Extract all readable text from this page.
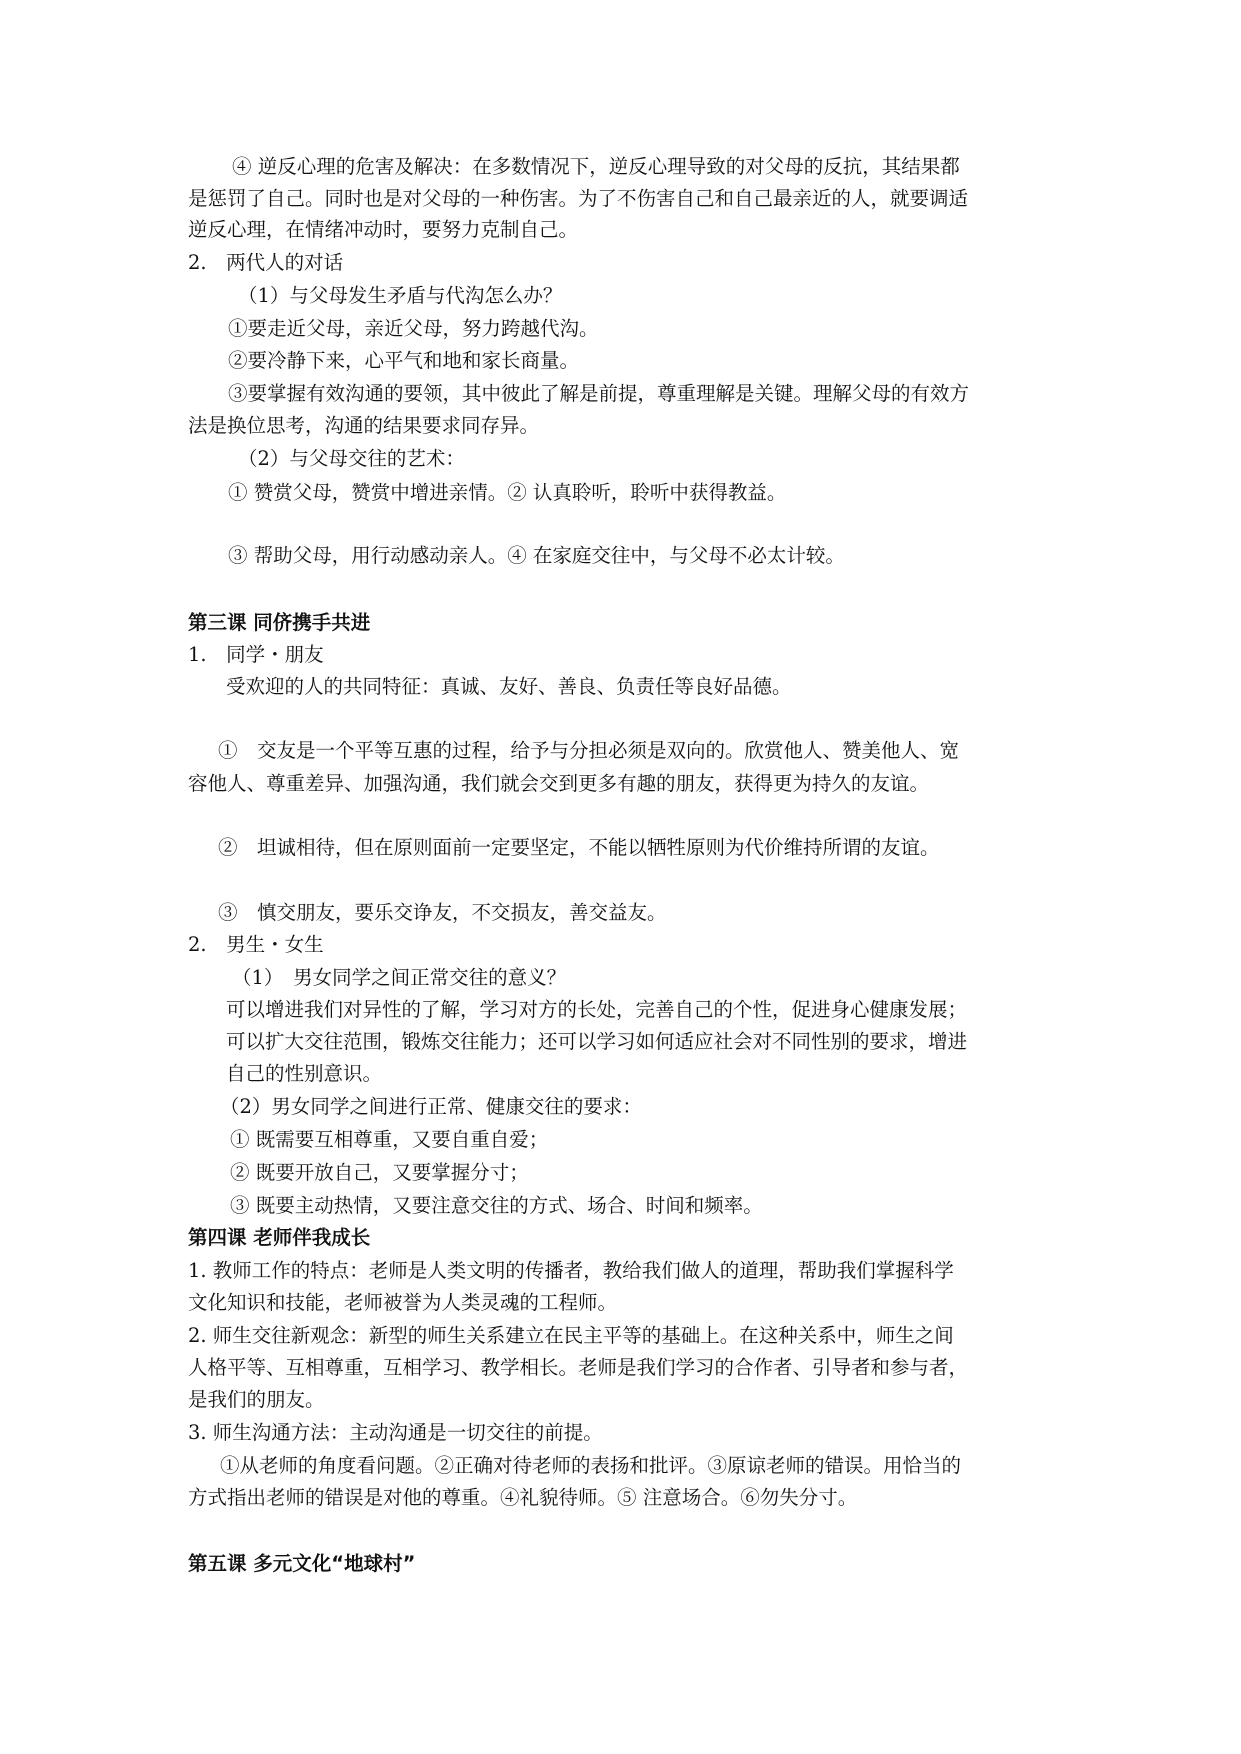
④ 逆反心理的危害及解决：在多数情况下，逆反心理导致的对父母的反抗，其结果都
是惩罚了自己。同时也是对父母的一种伤害。为了不伤害自己和自己最亲近的人，就要调适
逆反心理，在情绪冲动时，要努力克制自己。
2.　两代人的对话
（1）与父母发生矛盾与代沟怎么办？
①要走近父母，亲近父母，努力跨越代沟。
②要冷静下来，心平气和地和家长商量。
③要掌握有效沟通的要领，其中彼此了解是前提，尊重理解是关键。理解父母的有效方
法是换位思考，沟通的结果要求同存异。
（2）与父母交往的艺术：
① 赞赏父母，赞赏中增进亲情。② 认真聆听，聆听中获得教益。
③ 帮助父母，用行动感动亲人。④ 在家庭交往中，与父母不必太计较。
第三课 同侪携手共进
1.　同学・朋友
受欢迎的人的共同特征：真诚、友好、善良、负责任等良好品德。
①　交友是一个平等互惠的过程，给予与分担必须是双向的。欣赏他人、赞美他人、宽
容他人、尊重差异、加强沟通，我们就会交到更多有趣的朋友，获得更为持久的友谊。
②　坦诚相待，但在原则面前一定要坚定，不能以牺牲原则为代价维持所谓的友谊。
③　慎交朋友，要乐交诤友，不交损友，善交益友。
2.　男生・女生
（1）　男女同学之间正常交往的意义？
可以增进我们对异性的了解，学习对方的长处，完善自己的个性，促进身心健康发展；
可以扩大交往范围，锻炼交往能力；还可以学习如何适应社会对不同性别的要求，增进
自己的性别意识。
（2）男女同学之间进行正常、健康交往的要求：
① 既需要互相尊重，又要自重自爱；
② 既要开放自己，又要掌握分寸；
③ 既要主动热情，又要注意交往的方式、场合、时间和频率。
第四课 老师伴我成长
1. 教师工作的特点：老师是人类文明的传播者，教给我们做人的道理，帮助我们掌握科学
文化知识和技能，老师被誉为人类灵魂的工程师。
2. 师生交往新观念：新型的师生关系建立在民主平等的基础上。在这种关系中，师生之间
人格平等、互相尊重，互相学习、教学相长。老师是我们学习的合作者、引导者和参与者，
是我们的朋友。
3. 师生沟通方法：主动沟通是一切交往的前提。
①从老师的角度看问题。②正确对待老师的表扬和批评。③原谅老师的错误。用恰当的
方式指出老师的错误是对他的尊重。④礼貌待师。⑤ 注意场合。⑥勿失分寸。
第五课 多元文化“地球村”
